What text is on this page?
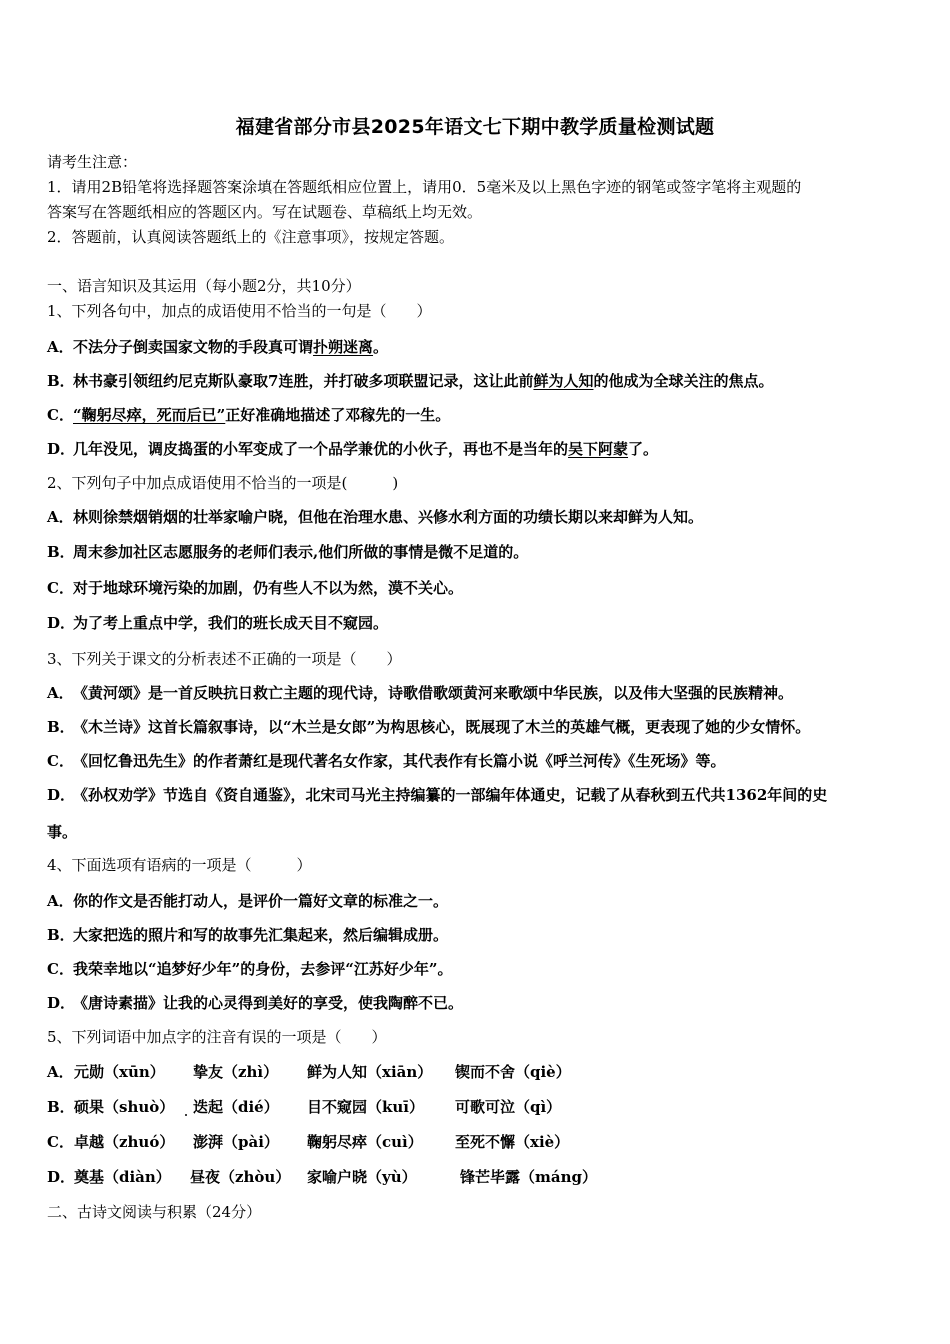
福建省部分市县2025年语文七下期中教学质量检测试题
请考生注意：
1．请用2B铅笔将选择题答案涂填在答题纸相应位置上，请用0．5毫米及以上黑色字迹的钢笔或签字笔将主观题的
答案写在答题纸相应的答题区内。写在试题卷、草稿纸上均无效。
2．答题前，认真阅读答题纸上的《注意事项》，按规定答题。
一、语言知识及其运用（每小题2分，共10分）
1、下列各句中，加点的成语使用不恰当的一句是（　　）
A．不法分子倒卖国家文物的手段真可谓扑朔迷离。
B．林书豪引领纽约尼克斯队豪取7连胜，并打破多项联盟记录，这让此前鲜为人知的他成为全球关注的焦点。
C．“鞠躬尽瘁，死而后已”正好准确地描述了邓稼先的一生。
D．几年没见，调皮捣蛋的小军变成了一个品学兼优的小伙子，再也不是当年的吴下阿蒙了。
2、下列句子中加点成语使用不恰当的一项是(　　　)
A．林则徐禁烟销烟的壮举家喻户晓，但他在治理水患、兴修水利方面的功绩长期以来却鲜为人知。
B．周末参加社区志愿服务的老师们表示,他们所做的事情是微不足道的。
C．对于地球环境污染的加剧，仍有些人不以为然，漠不关心。
D．为了考上重点中学，我们的班长成天目不窥园。
3、下列关于课文的分析表述不正确的一项是（　　）
A．《黄河颂》是一首反映抗日救亡主题的现代诗，诗歌借歌颂黄河来歌颂中华民族，以及伟大坚强的民族精神。
B．《木兰诗》这首长篇叙事诗，以“木兰是女郎”为构思核心，既展现了木兰的英雄气概，更表现了她的少女情怀。
C．《回忆鲁迅先生》的作者萧红是现代著名女作家，其代表作有长篇小说《呼兰河传》《生死场》等。
D．《孙权劝学》节选自《资自通鉴》，北宋司马光主持编纂的一部编年体通史，记载了从春秋到五代共1362年间的史
事。
4、下面选项有语病的一项是（　　　）
A．你的作文是否能打动人，是评价一篇好文章的标准之一。
B．大家把选的照片和写的故事先汇集起来，然后编辑成册。
C．我荣幸地以“追梦好少年”的身份，去参评“江苏好少年”。
D．《唐诗素描》让我的心灵得到美好的享受，使我陶醉不已。
5、下列词语中加点字的注音有误的一项是（　　）
A． 元勋（xūn） 挚友（zhì） 鲜为人知（xiān） 锲而不舍（qiè）
B． 硕果（shuò） 迭起（dié） 目不窥园（kuī） 可歌可泣（qì）
C． 卓越（zhuó） 澎湃（pài） 鞠躬尽瘁（cuì） 至死不懈（xiè）
D．
奠基（diàn） 昼夜（zhòu） 家喻户晓（yù）	锋芒毕露（máng）
二、古诗文阅读与积累（24分）
